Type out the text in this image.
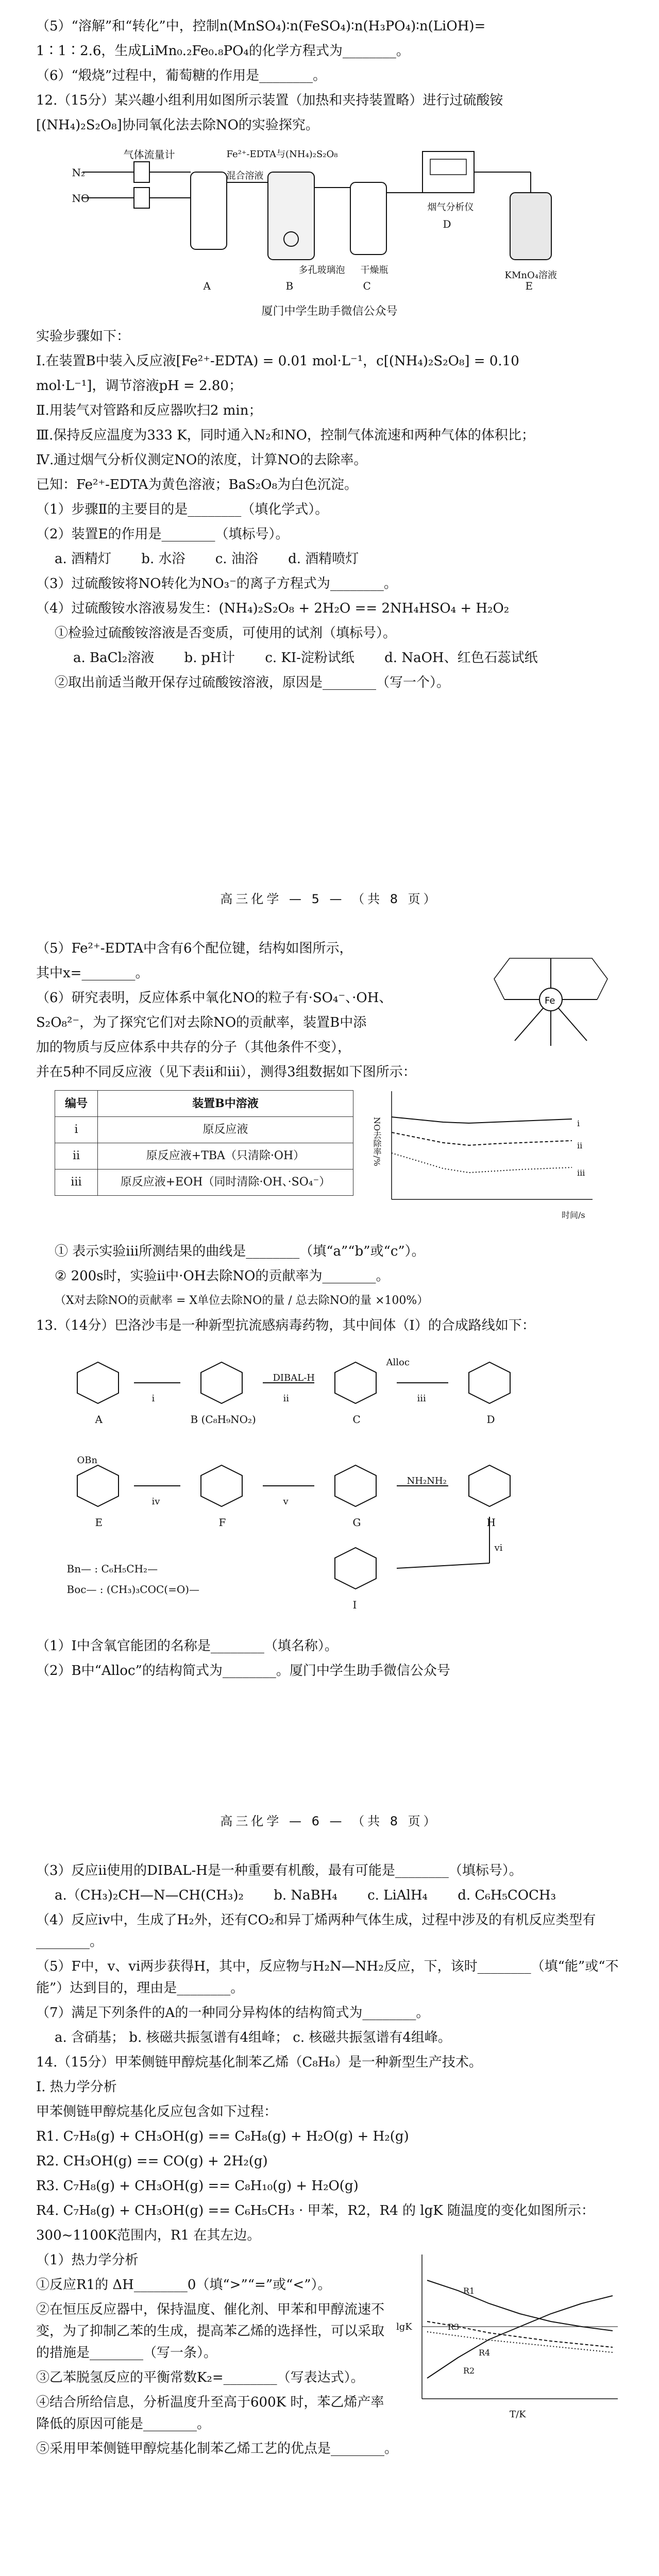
（5）“溶解”和“转化”中，控制n(MnSO₄)∶n(FeSO₄)∶n(H₃PO₄)∶n(LiOH)=

1∶1∶2.6，生成LiMn₀.₂Fe₀.₈PO₄的化学方程式为________。

（6）“煅烧”过程中，葡萄糖的作用是________。

12.（15分）某兴趣小组利用如图所示装置（加热和夹持装置略）进行过硫酸铵

[(NH₄)₂S₂O₈]协同氧化法去除NO的实验探究。

气体流量计
N₂
NO
Fe²⁺-EDTA与(NH₄)₂S₂O₈混合溶液
多孔玻璃泡 干燥瓶
烟气分析仪
KMnO₄溶液
A	B	C
D
E

厦门中学生助手微信公众号

实验步骤如下：

Ⅰ.在装置B中装入反应液[Fe²⁺-EDTA) = 0.01 mol·L⁻¹，c[(NH₄)₂S₂O₈] = 0.10

mol·L⁻¹]，调节溶液pH = 2.80；

Ⅱ.用装气对管路和反应器吹扫2 min；

Ⅲ.保持反应温度为333 K，同时通入N₂和NO，控制气体流速和两种气体的体积比；

Ⅳ.通过烟气分析仪测定NO的浓度，计算NO的去除率。

已知：Fe²⁺-EDTA为黄色溶液；BaS₂O₈为白色沉淀。

（1）步骤Ⅱ的主要目的是________（填化学式）。

（2）装置E的作用是________（填标号）。

a. 酒精灯 b. 水浴 c. 油浴 d. 酒精喷灯

（3）过硫酸铵将NO转化为NO₃⁻的离子方程式为________。

（4）过硫酸铵水溶液易发生：(NH₄)₂S₂O₈ + 2H₂O == 2NH₄HSO₄ + H₂O₂

①检验过硫酸铵溶液是否变质，可使用的试剂（填标号）。

a. BaCl₂溶液 b. pH计 c. KI-淀粉试纸 d. NaOH、红色石蕊试纸

②取出前适当敞开保存过硫酸铵溶液，原因是________（写一个）。

高三化学 — 5 — （共 8 页）
Fe

（5）Fe²⁺-EDTA中含有6个配位键，结构如图所示，

其中x=________。

（6）研究表明，反应体系中氧化NO的粒子有·SO₄⁻、·OH、

S₂O₈²⁻，为了探究它们对去除NO的贡献率，装置B中添

加的物质与反应体系中共存的分子（其他条件不变），

并在5种不同反应液（见下表ⅱ和ⅲ），测得3组数据如下图所示：

编号	装置B中溶液
i	原反应液
ii	原反应液+TBA（只清除·OH）
iii	原反应液+EOH（同时清除·OH、·SO₄⁻）
NO去除率/%
时间/s
i
ii
iii

① 表示实验iii所测结果的曲线是________（填“a”“b”或“c”）。

② 200s时，实验ii中·OH去除NO的贡献率为________。

（X对去除NO的贡献率 = X单位去除NO的量 / 总去除NO的量 ×100%）

13.（14分）巴洛沙韦是一种新型抗流感病毒药物，其中间体（Ⅰ）的合成路线如下：

A	B (C₈H₉NO₂)	C	D
E	F	G	H
I
DIBAL-H
i	ii	iii
iv	v
vi
Alloc
OBn
NH₂NH₂
Bn— : C₆H₅CH₂—
Boc— : (CH₃)₃COC(=O)—

（1）Ⅰ中含氧官能团的名称是________（填名称）。

（2）B中“Alloc”的结构简式为________。厦门中学生助手微信公众号

高三化学 — 6 — （共 8 页）

（3）反应ii使用的DIBAL-H是一种重要有机酸，最有可能是________（填标号）。

a.（CH₃)₂CH—N—CH(CH₃)₂ b. NaBH₄ c. LiAlH₄ d. C₆H₅COCH₃

（4）反应iv中，生成了H₂外，还有CO₂和异丁烯两种气体生成，过程中涉及的有机反应类型有________。

（5）F中，v、vi两步获得H，其中，反应物与H₂N—NH₂反应，下，该时________（填“能”或“不能”）达到目的，理由是________。

（7）满足下列条件的A的一种同分异构体的结构简式为________。

a. 含硝基； b. 核磁共振氢谱有4组峰； c. 核磁共振氢谱有4组峰。

14.（15分）甲苯侧链甲醇烷基化制苯乙烯（C₈H₈）是一种新型生产技术。

Ⅰ. 热力学分析

甲苯侧链甲醇烷基化反应包含如下过程：

R1. C₇H₈(g) + CH₃OH(g) == C₈H₈(g) + H₂O(g) + H₂(g)

R2. CH₃OH(g) == CO(g) + 2H₂(g)

R3. C₇H₈(g) + CH₃OH(g) == C₈H₁₀(g) + H₂O(g)

R4. C₇H₈(g) + CH₃OH(g) == C₆H₅CH₃ · 甲苯，R2，R4 的 lgK 随温度的变化如图所示：

300~1100K范围内，R1 在其左边。

lgK
T/K
R1
R2
R3
R4

（1）热力学分析

①反应R1的 ΔH________0（填“>”“=”或“<”）。

②在恒压反应器中，保持温度、催化剂、甲苯和甲醇流速不变，为了抑制乙苯的生成，提高苯乙烯的选择性，可以采取的措施是________（写一条）。

③乙苯脱氢反应的平衡常数K₂=________（写表达式）。

④结合所给信息，分析温度升至高于600K 时，苯乙烯产率降低的原因可能是________。

⑤采用甲苯侧链甲醇烷基化制苯乙烯工艺的优点是________。
